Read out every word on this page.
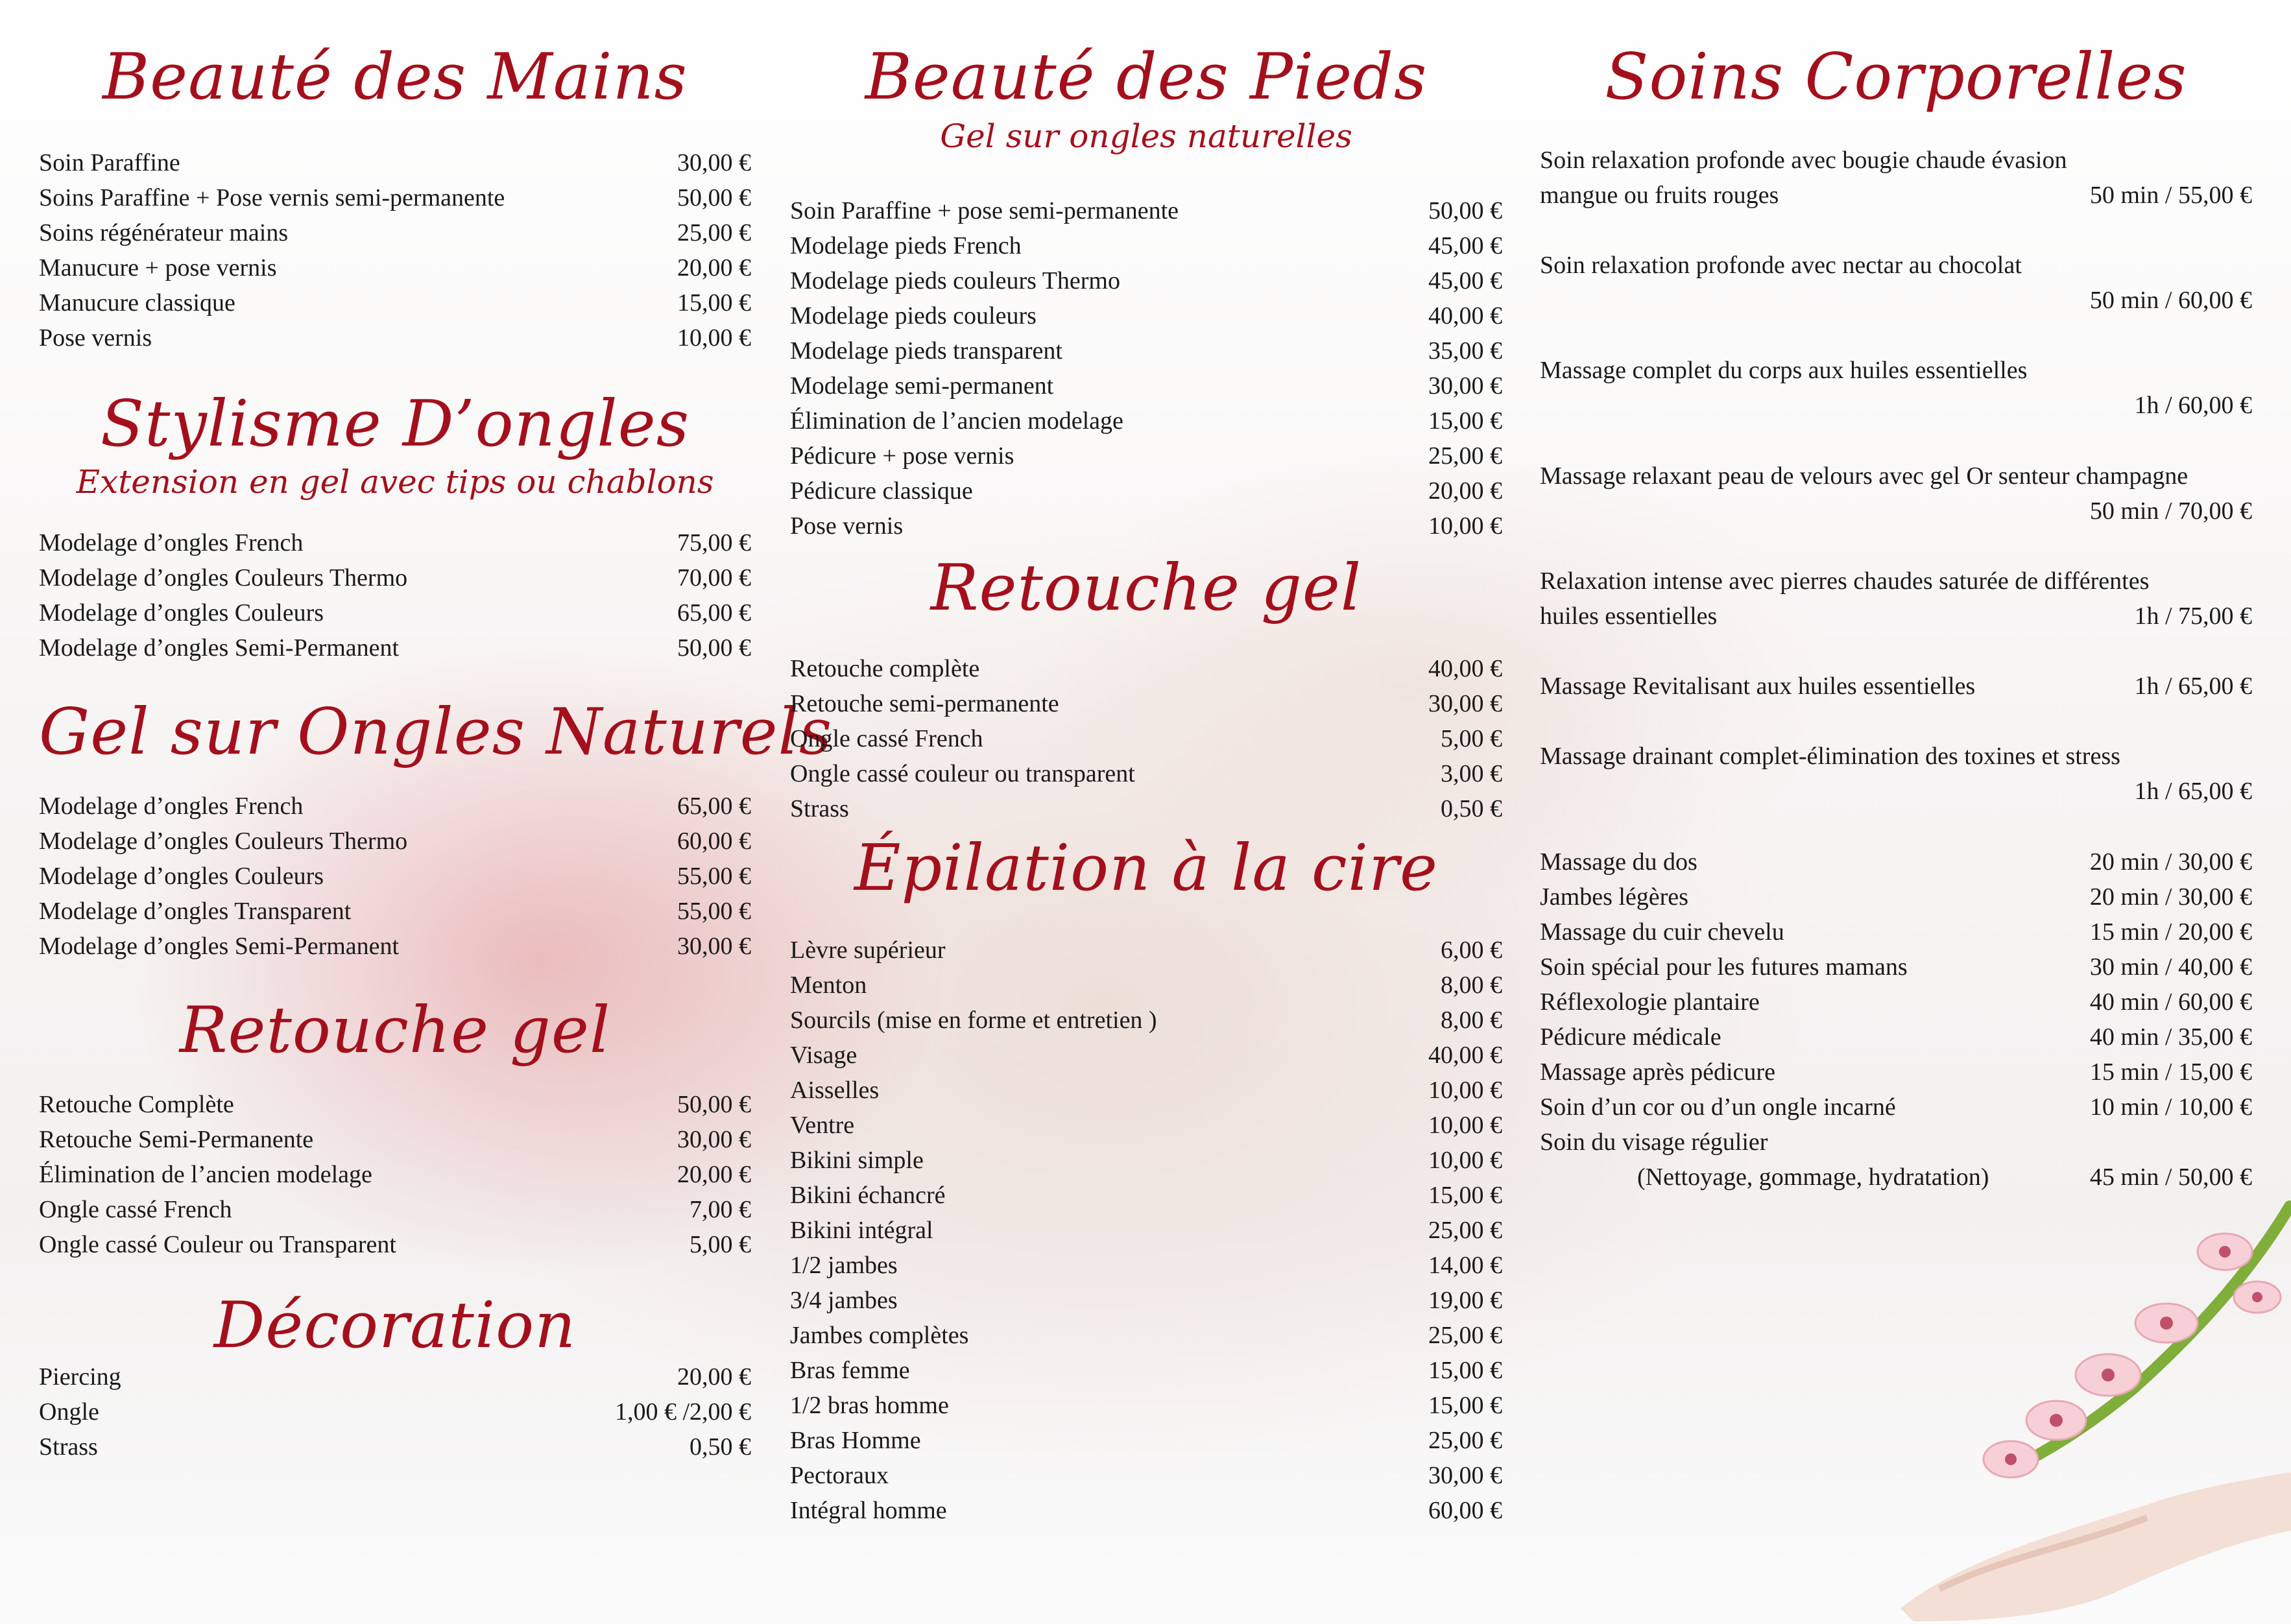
Beauté des Mains
Soin Paraffine	30,00 €
Soins Paraffine + Pose vernis semi-permanente	50,00 €
Soins régénérateur mains	25,00 €
Manucure + pose vernis	20,00 €
Manucure classique	15,00 €
Pose vernis	10,00 €
Stylisme D’ongles
Extension en gel avec tips ou chablons
Modelage d’ongles French	75,00 €
Modelage d’ongles Couleurs Thermo	70,00 €
Modelage d’ongles Couleurs	65,00 €
Modelage d’ongles Semi-Permanent	50,00 €
Gel sur Ongles Naturels
Modelage d’ongles French	65,00 €
Modelage d’ongles Couleurs Thermo	60,00 €
Modelage d’ongles Couleurs	55,00 €
Modelage d’ongles Transparent	55,00 €
Modelage d’ongles Semi-Permanent	30,00 €
Retouche gel
Retouche Complète	50,00 €
Retouche Semi-Permanente	30,00 €
Élimination de l’ancien modelage	20,00 €
Ongle cassé French	7,00 €
Ongle cassé Couleur ou Transparent	5,00 €
Décoration
Piercing	20,00 €
Ongle	1,00 € /2,00 €
Strass	0,50 €
Beauté des Pieds
Gel sur ongles naturelles
Soin Paraffine + pose semi-permanente	50,00 €
Modelage pieds French	45,00 €
Modelage pieds couleurs Thermo	45,00 €
Modelage pieds couleurs	40,00 €
Modelage pieds transparent	35,00 €
Modelage semi-permanent	30,00 €
Élimination de l’ancien modelage	15,00 €
Pédicure + pose vernis	25,00 €
Pédicure classique	20,00 €
Pose vernis	10,00 €
Retouche gel
Retouche complète	40,00 €
Retouche semi-permanente	30,00 €
Ongle cassé French	5,00 €
Ongle cassé couleur ou transparent	3,00 €
Strass	0,50 €
Épilation à la cire
Lèvre supérieur	6,00 €
Menton	8,00 €
Sourcils (mise en forme et entretien )	8,00 €
Visage	40,00 €
Aisselles	10,00 €
Ventre	10,00 €
Bikini simple	10,00 €
Bikini échancré	15,00 €
Bikini intégral	25,00 €
1/2 jambes	14,00 €
3/4 jambes	19,00 €
Jambes complètes	25,00 €
Bras femme	15,00 €
1/2 bras homme	15,00 €
Bras Homme	25,00 €
Pectoraux	30,00 €
Intégral homme	60,00 €
Soins Corporelles
Soin relaxation profonde avec bougie chaude évasion
mangue ou fruits rouges	50 min / 55,00 €
Soin relaxation profonde avec nectar au chocolat
50 min / 60,00 €
Massage complet du corps aux huiles essentielles
1h / 60,00 €
Massage relaxant peau de velours avec gel Or senteur champagne
50 min / 70,00 €
Relaxation intense avec pierres chaudes saturée de différentes
huiles essentielles	1h / 75,00 €
Massage Revitalisant aux huiles essentielles	1h / 65,00 €
Massage drainant complet-élimination des toxines et stress
1h / 65,00 €
Massage du dos	20 min / 30,00 €
Jambes légères	20 min / 30,00 €
Massage du cuir chevelu	15 min / 20,00 €
Soin spécial pour les futures mamans	30 min / 40,00 €
Réflexologie plantaire	40 min / 60,00 €
Pédicure médicale	40 min / 35,00 €
Massage après pédicure	15 min / 15,00 €
Soin d’un cor ou d’un ongle incarné	10 min / 10,00 €
Soin du visage régulier
(Nettoyage, gommage, hydratation)	45 min / 50,00 €
